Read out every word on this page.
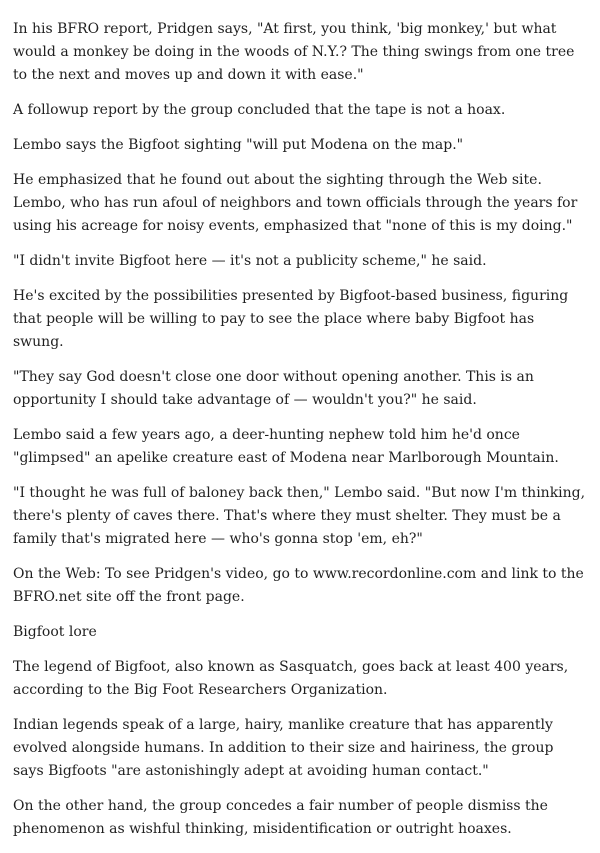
In his BFRO report, Pridgen says, "At first, you think, 'big monkey,' but what would a monkey be doing in the woods of N.Y.? The thing swings from one tree to the next and moves up and down it with ease."

A followup report by the group concluded that the tape is not a hoax.

Lembo says the Bigfoot sighting "will put Modena on the map."

He emphasized that he found out about the sighting through the Web site. Lembo, who has run afoul of neighbors and town officials through the years for using his acreage for noisy events, emphasized that "none of this is my doing."

"I didn't invite Bigfoot here — it's not a publicity scheme," he said.

He's excited by the possibilities presented by Bigfoot-based business, figuring that people will be willing to pay to see the place where baby Bigfoot has swung.

"They say God doesn't close one door without opening another. This is an opportunity I should take advantage of — wouldn't you?" he said.

Lembo said a few years ago, a deer-hunting nephew told him he'd once "glimpsed" an apelike creature east of Modena near Marlborough Mountain.

"I thought he was full of baloney back then," Lembo said. "But now I'm thinking, there's plenty of caves there. That's where they must shelter. They must be a family that's migrated here — who's gonna stop 'em, eh?"

On the Web: To see Pridgen's video, go to www.recordonline.com and link to the BFRO.net site off the front page.

Bigfoot lore

The legend of Bigfoot, also known as Sasquatch, goes back at least 400 years, according to the Big Foot Researchers Organization.

Indian legends speak of a large, hairy, manlike creature that has apparently evolved alongside humans. In addition to their size and hairiness, the group says Bigfoots "are astonishingly adept at avoiding human contact."

On the other hand, the group concedes a fair number of people dismiss the phenomenon as wishful thinking, misidentification or outright hoaxes.
